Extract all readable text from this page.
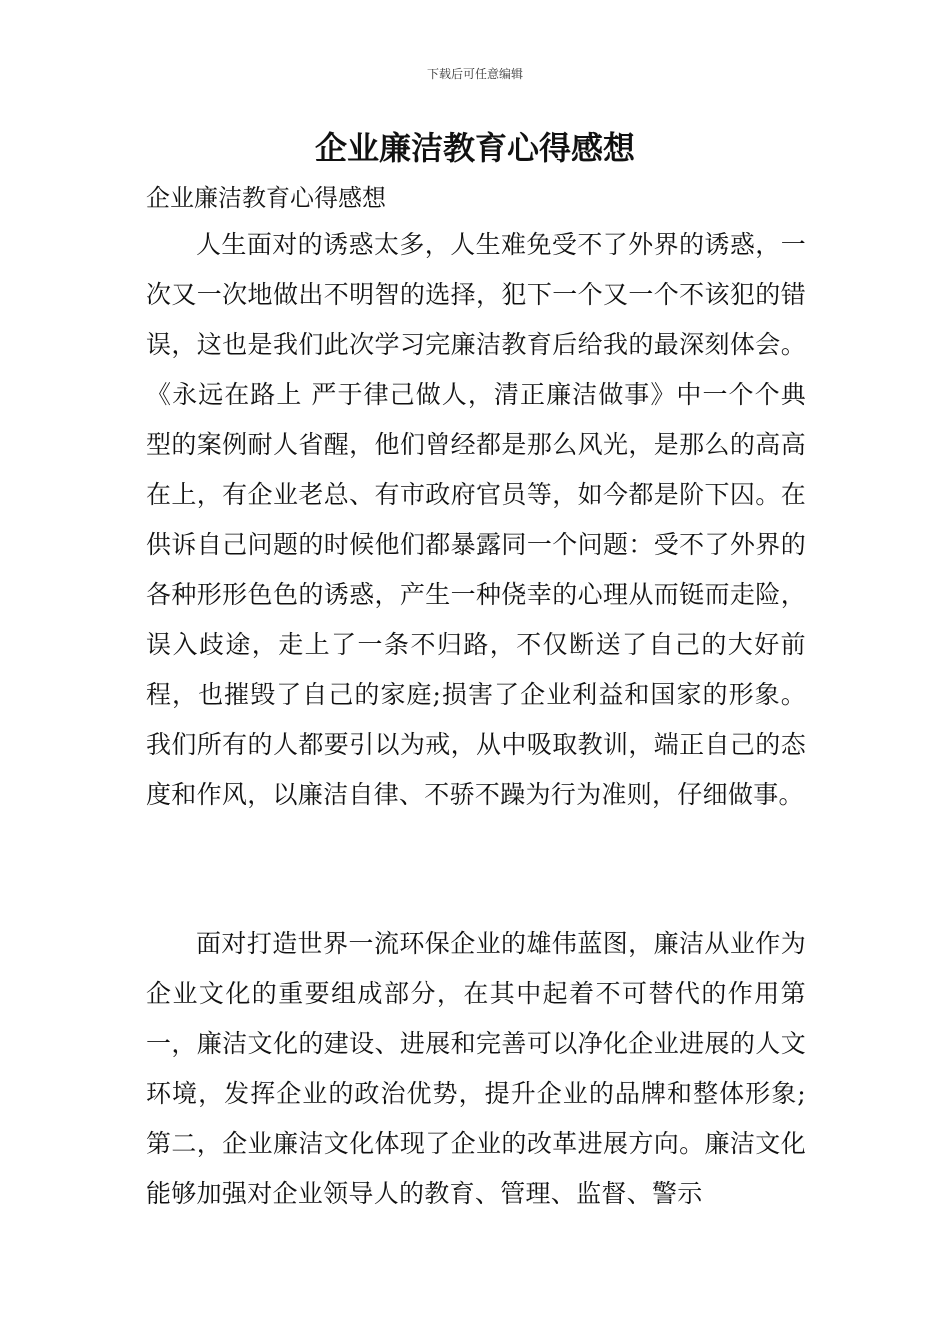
下载后可任意编辑
企业廉洁教育心得感想

企业廉洁教育心得感想

人生面对的诱惑太多，人生难免受不了外界的诱惑，一次又一次地做出不明智的选择，犯下一个又一个不该犯的错误，这也是我们此次学习完廉洁教育后给我的最深刻体会。《永远在路上 严于律己做人，清正廉洁做事》中一个个典型的案例耐人省醒，他们曾经都是那么风光，是那么的高高在上，有企业老总、有市政府官员等，如今都是阶下囚。在供诉自己问题的时候他们都暴露同一个问题：受不了外界的各种形形色色的诱惑，产生一种侥幸的心理从而铤而走险，误入歧途，走上了一条不归路，不仅断送了自己的大好前程，也摧毁了自己的家庭;损害了企业利益和国家的形象。我们所有的人都要引以为戒，从中吸取教训，端正自己的态度和作风，以廉洁自律、不骄不躁为行为准则，仔细做事。

面对打造世界一流环保企业的雄伟蓝图，廉洁从业作为企业文化的重要组成部分，在其中起着不可替代的作用第一，廉洁文化的建设、进展和完善可以净化企业进展的人文环境，发挥企业的政治优势，提升企业的品牌和整体形象;第二，企业廉洁文化体现了企业的改革进展方向。廉洁文化能够加强对企业领导人的教育、管理、监督、警示
